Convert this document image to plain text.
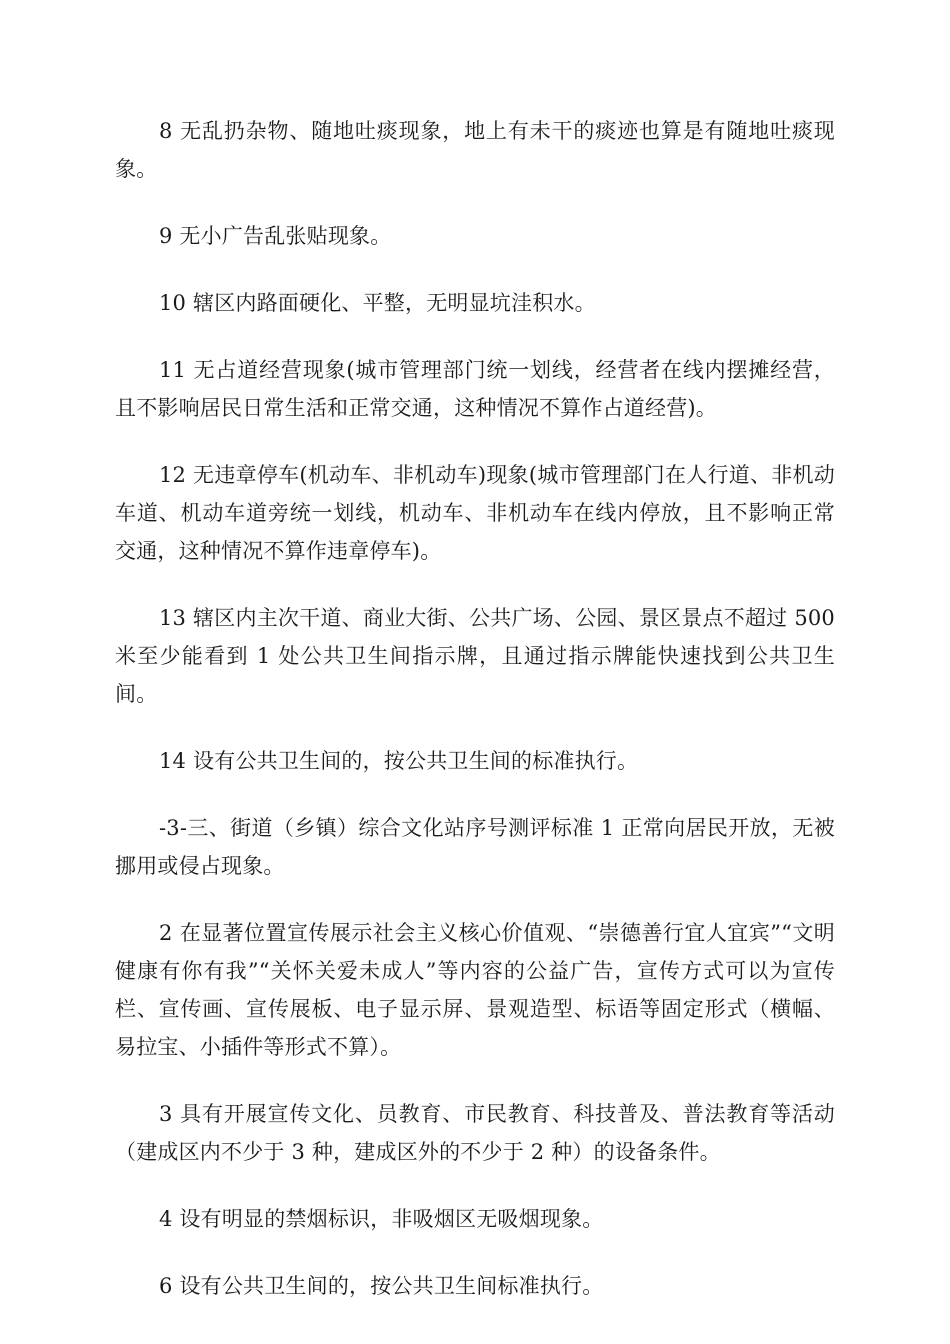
8 无乱扔杂物、随地吐痰现象，地上有未干的痰迹也算是有随地吐痰现象。

9 无小广告乱张贴现象。

10 辖区内路面硬化、平整，无明显坑洼积水。

11 无占道经营现象(城市管理部门统一划线，经营者在线内摆摊经营，且不影响居民日常生活和正常交通，这种情况不算作占道经营)。

12 无违章停车(机动车、非机动车)现象(城市管理部门在人行道、非机动车道、机动车道旁统一划线，机动车、非机动车在线内停放，且不影响正常交通，这种情况不算作违章停车)。

13 辖区内主次干道、商业大街、公共广场、公园、景区景点不超过 500 米至少能看到 1 处公共卫生间指示牌，且通过指示牌能快速找到公共卫生间。

14 设有公共卫生间的，按公共卫生间的标准执行。

-3-三、街道（乡镇）综合文化站序号测评标准 1 正常向居民开放，无被挪用或侵占现象。

2 在显著位置宣传展示社会主义核心价值观、“崇德善行宜人宜宾”“文明健康有你有我”“关怀关爱未成人”等内容的公益广告，宣传方式可以为宣传栏、宣传画、宣传展板、电子显示屏、景观造型、标语等固定形式（横幅、易拉宝、小插件等形式不算）。

3 具有开展宣传文化、员教育、市民教育、科技普及、普法教育等活动（建成区内不少于 3 种，建成区外的不少于 2 种）的设备条件。

4 设有明显的禁烟标识，非吸烟区无吸烟现象。

6 设有公共卫生间的，按公共卫生间标准执行。
